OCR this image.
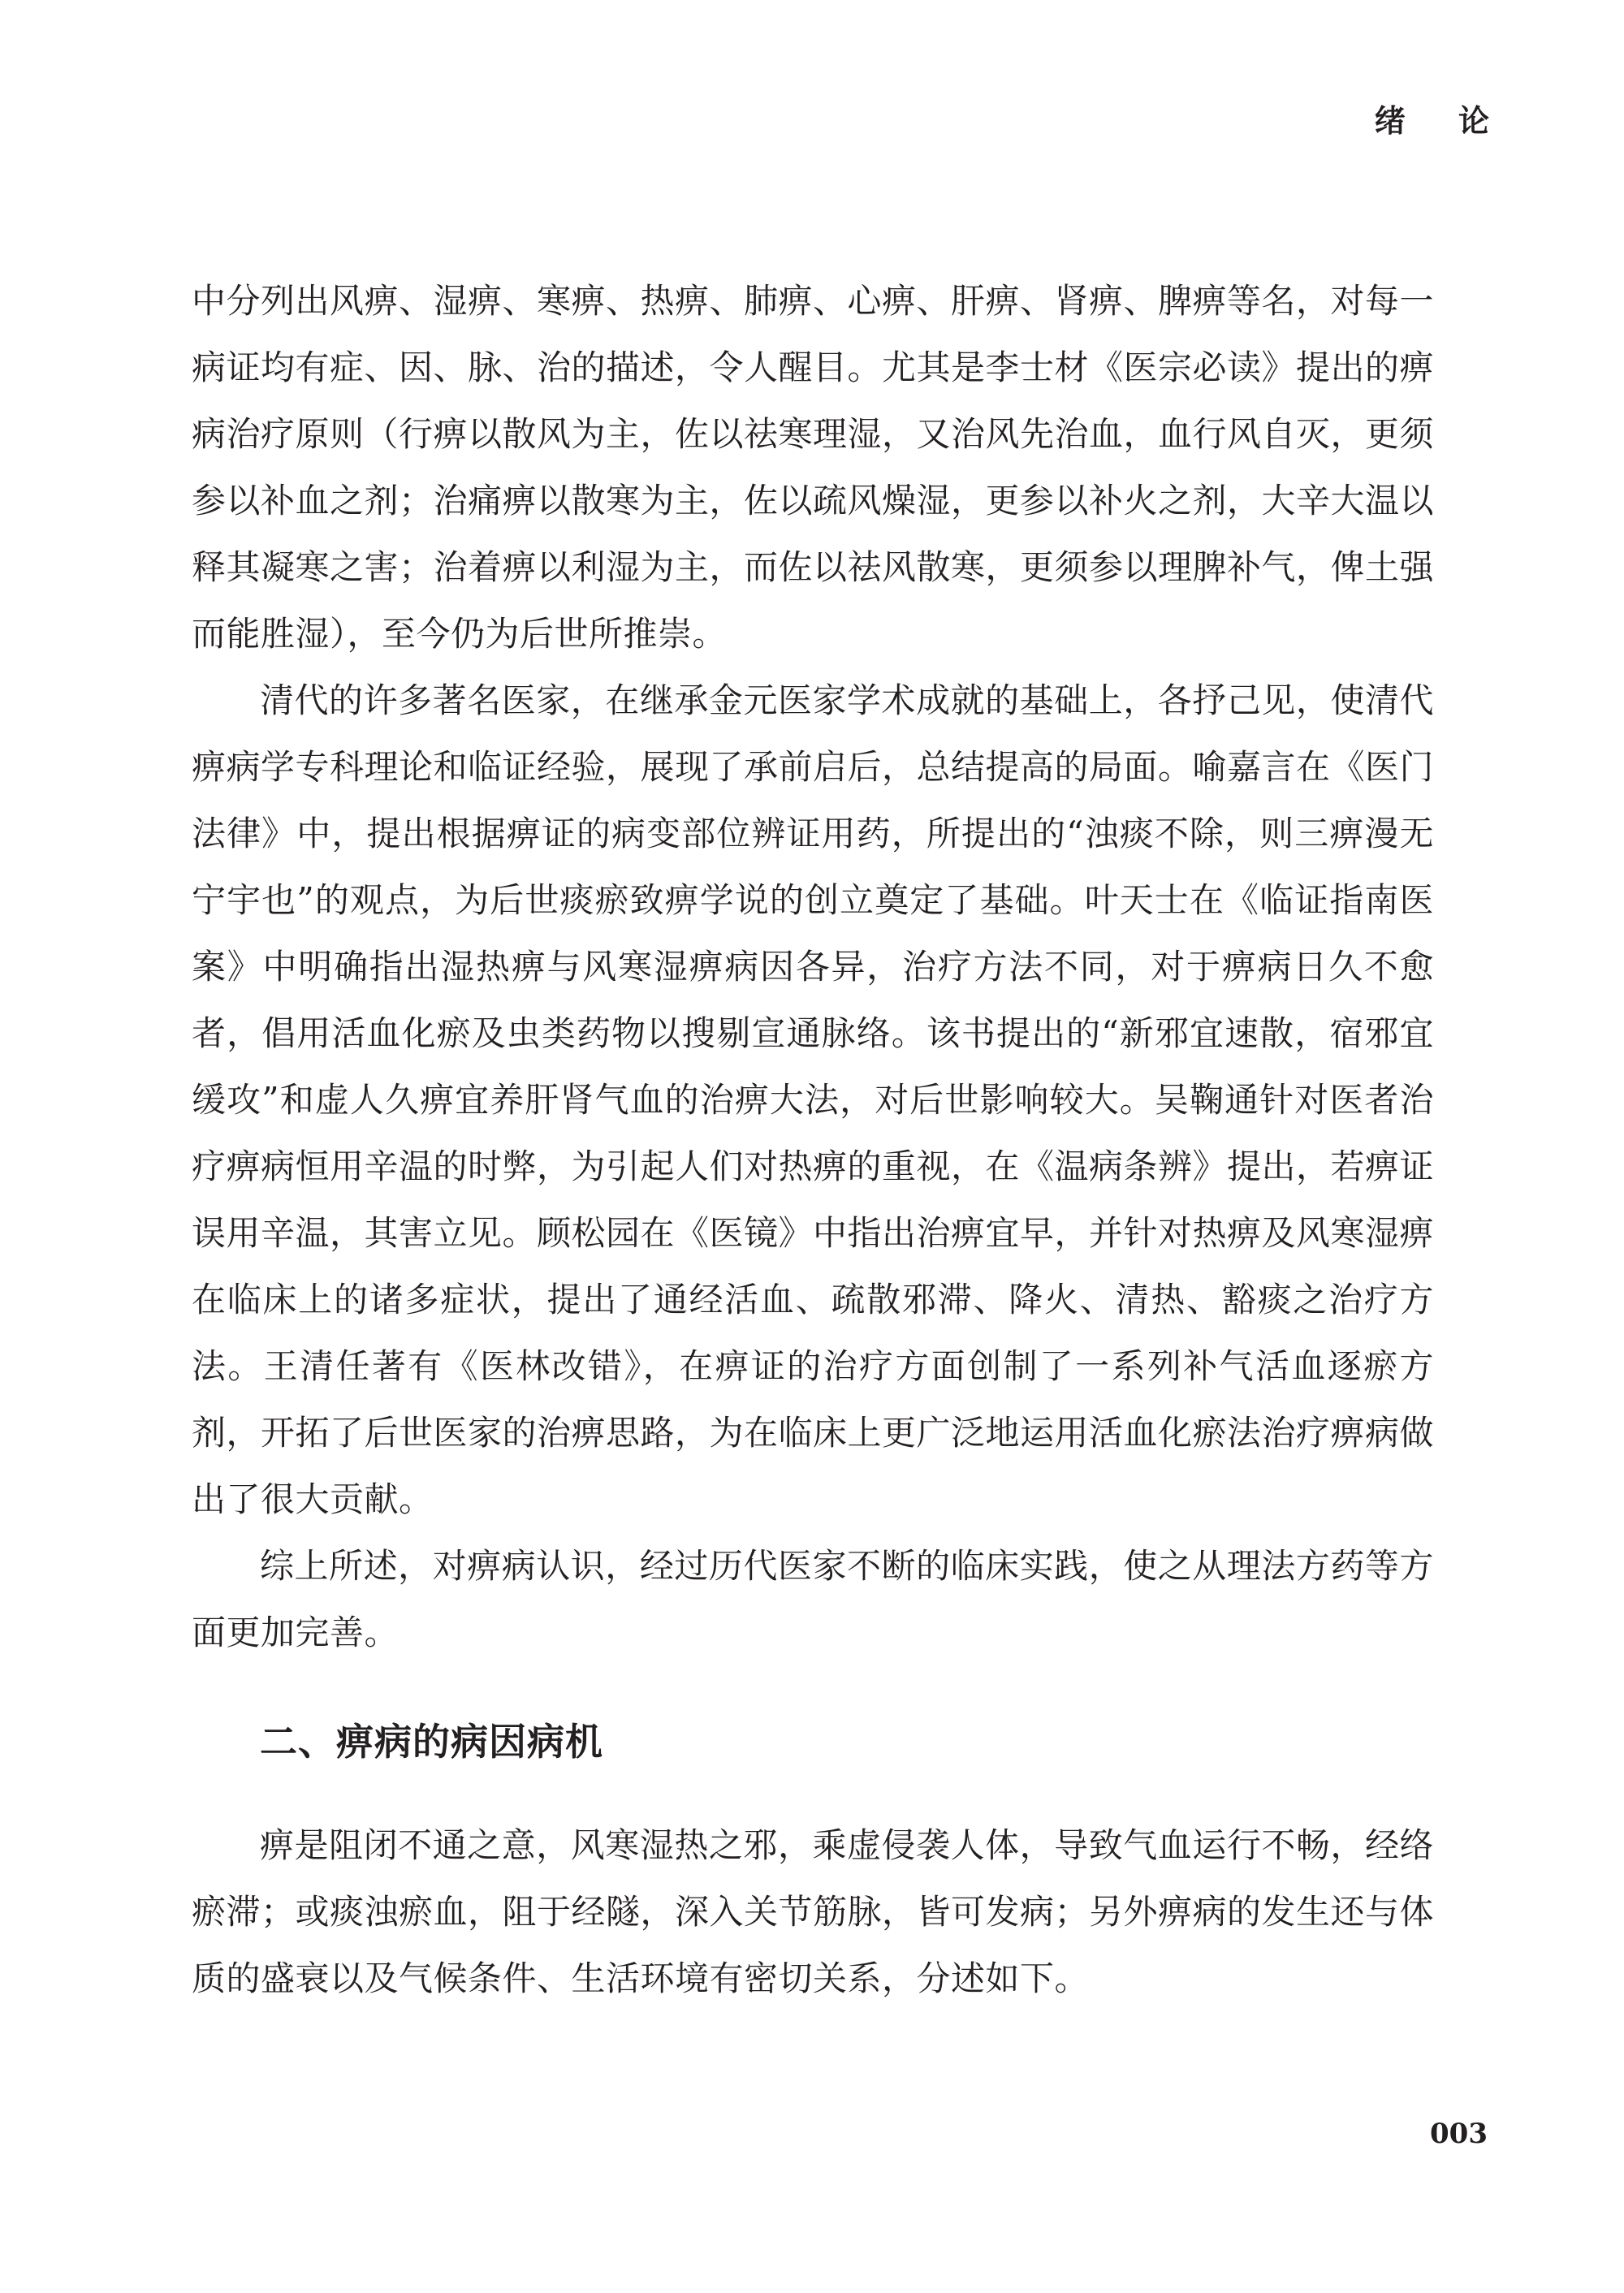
绪 论

中分列出风痹、湿痹、寒痹、热痹、肺痹、心痹、肝痹、肾痹、脾痹等名，对每一病证均有症、因、脉、治的描述，令人醒目。尤其是李士材《医宗必读》提出的痹病治疗原则（行痹以散风为主，佐以祛寒理湿，又治风先治血，血行风自灭，更须参以补血之剂；治痛痹以散寒为主，佐以疏风燥湿，更参以补火之剂，大辛大温以释其凝寒之害；治着痹以利湿为主，而佐以祛风散寒，更须参以理脾补气，俾土强而能胜湿），至今仍为后世所推崇。

清代的许多著名医家，在继承金元医家学术成就的基础上，各抒己见，使清代痹病学专科理论和临证经验，展现了承前启后，总结提高的局面。喻嘉言在《医门法律》中，提出根据痹证的病变部位辨证用药，所提出的“浊痰不除，则三痹漫无宁宇也”的观点，为后世痰瘀致痹学说的创立奠定了基础。叶天士在《临证指南医案》中明确指出湿热痹与风寒湿痹病因各异，治疗方法不同，对于痹病日久不愈者，倡用活血化瘀及虫类药物以搜剔宣通脉络。该书提出的“新邪宜速散，宿邪宜缓攻”和虚人久痹宜养肝肾气血的治痹大法，对后世影响较大。吴鞠通针对医者治疗痹病恒用辛温的时弊，为引起人们对热痹的重视，在《温病条辨》提出，若痹证误用辛温，其害立见。顾松园在《医镜》中指出治痹宜早，并针对热痹及风寒湿痹在临床上的诸多症状，提出了通经活血、疏散邪滞、降火、清热、豁痰之治疗方法。王清任著有《医林改错》，在痹证的治疗方面创制了一系列补气活血逐瘀方剂，开拓了后世医家的治痹思路，为在临床上更广泛地运用活血化瘀法治疗痹病做出了很大贡献。

综上所述，对痹病认识，经过历代医家不断的临床实践，使之从理法方药等方面更加完善。

二、痹病的病因病机

痹是阻闭不通之意，风寒湿热之邪，乘虚侵袭人体，导致气血运行不畅，经络瘀滞；或痰浊瘀血，阻于经隧，深入关节筋脉，皆可发病；另外痹病的发生还与体质的盛衰以及气候条件、生活环境有密切关系，分述如下。

003
